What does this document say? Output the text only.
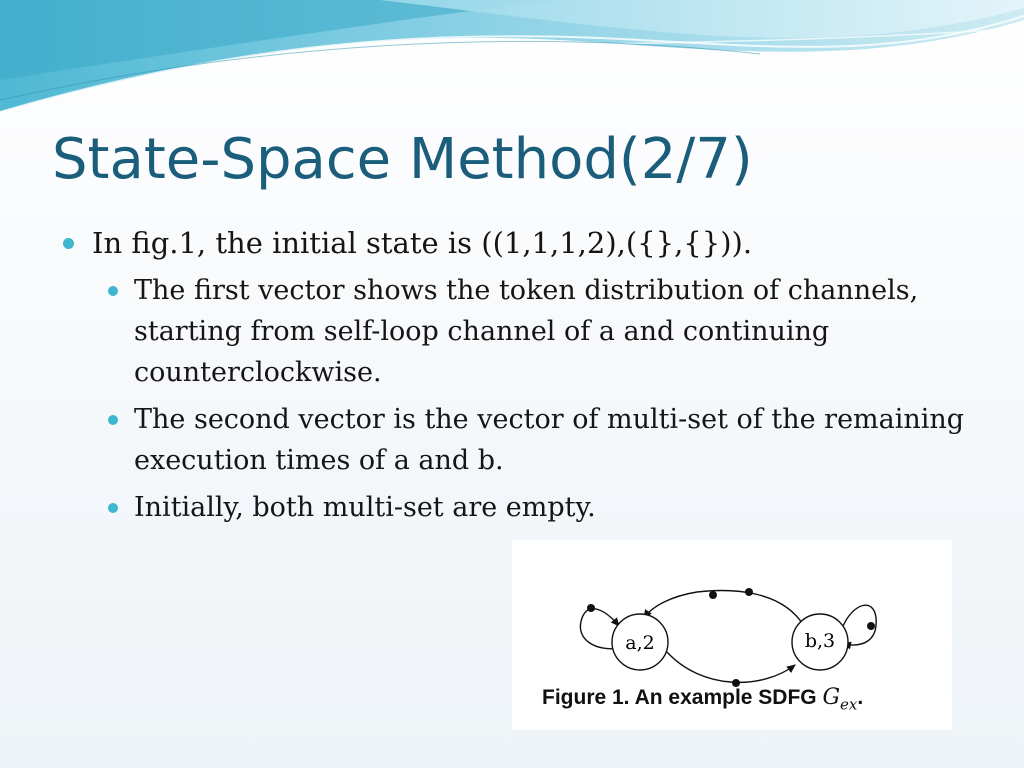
State-Space Method(2/7)
In fig.1, the initial state is ((1,1,1,2),({},{})).
The first vector shows the token distribution of channels, starting from self-loop channel of a and continuing counterclockwise.
The second vector is the vector of multi-set of the remaining execution times of a and b.
Initially, both multi-set are empty.
a,2	b,3
Figure 1. An example SDFG $G_{ex}$.
